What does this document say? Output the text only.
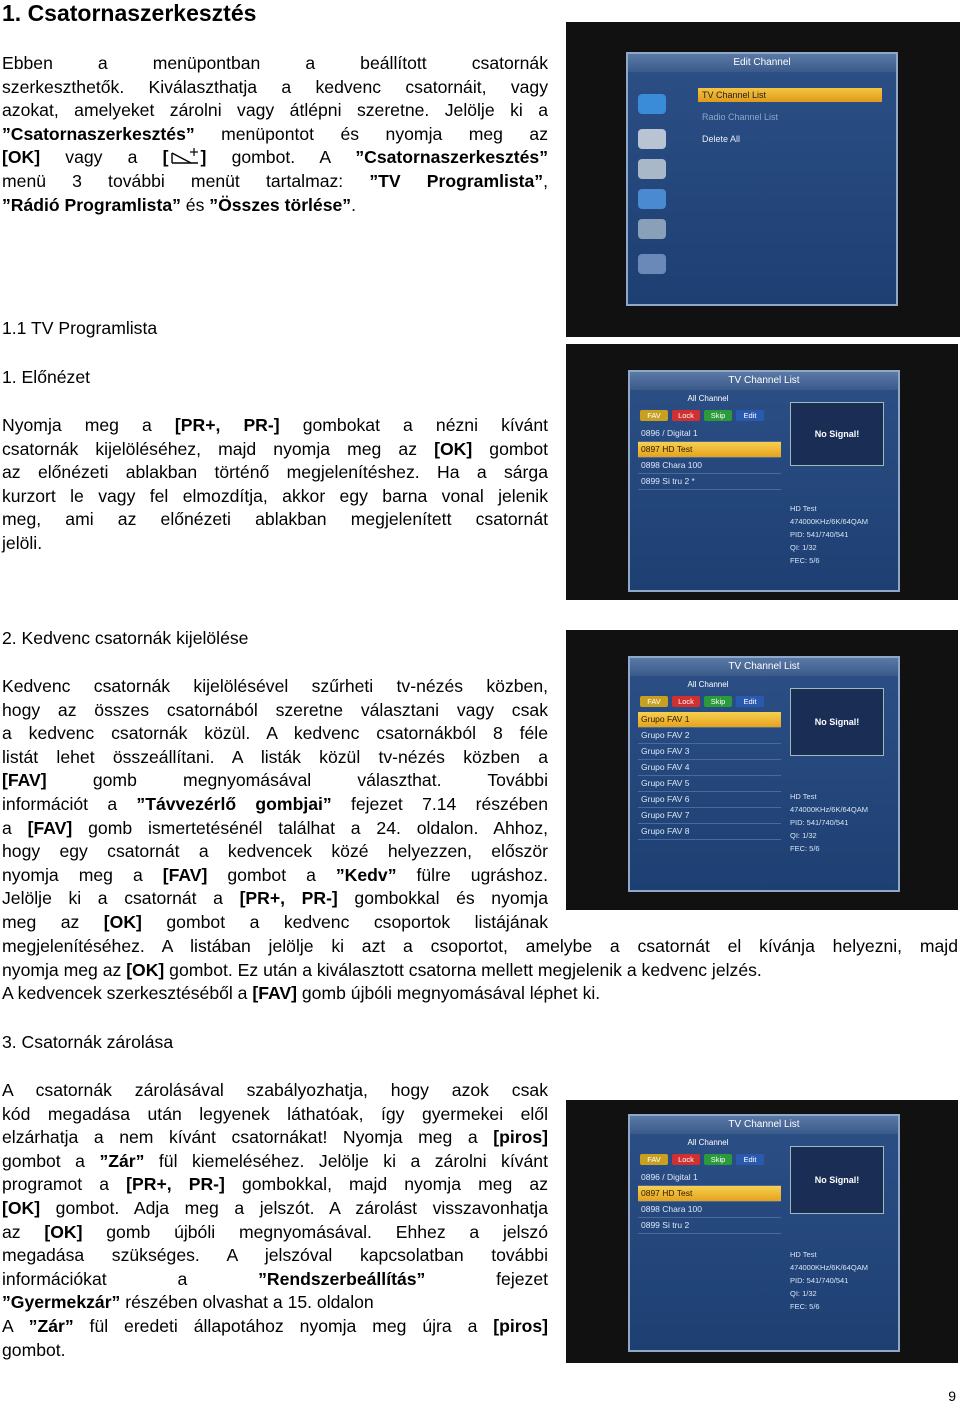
1. Csatornaszerkesztés
Ebben a menüpontban a beállított csatornák
szerkeszthetők. Kiválaszthatja a kedvenc csatornáit, vagy
azokat, amelyeket zárolni vagy átlépni szeretne. Jelölje ki a
”Csatornaszerkesztés” menüpontot és nyomja meg az
[OK] vagy a [ ] gombot. A ”Csatornaszerkesztés”
menü 3 további menüt tartalmaz: ”TV Programlista”,
”Rádió Programlista” és ”Összes törlése”.
Edit Channel
TV Channel List
Radio Channel List
Delete All
1.1 TV Programlista
1. Előnézet
Nyomja meg a [PR+, PR-] gombokat a nézni kívánt
csatornák kijelöléséhez, majd nyomja meg az [OK] gombot
az előnézeti ablakban történő megjelenítéshez. Ha a sárga
kurzort le vagy fel elmozdítja, akkor egy barna vonal jelenik
meg, ami az előnézeti ablakban megjelenített csatornát
jelöli.
TV Channel List
All Channel
FAV	Lock	Skip	Edit
0896 / Digital 1
0897 HD Test
0898 Chara 100
0899 Si tru 2 *
No Signal!
HD Test
474000KHz/6K/64QAM
PID: 541/740/541
QI: 1/32
FEC: 5/6
2. Kedvenc csatornák kijelölése
Kedvenc csatornák kijelölésével szűrheti tv-nézés közben,
hogy az összes csatornából szeretne választani vagy csak
a kedvenc csatornák közül. A kedvenc csatornákból 8 féle
listát lehet összeállítani. A listák közül tv-nézés közben a
[FAV] gomb megnyomásával választhat. További
információt a ”Távvezérlő gombjai” fejezet 7.14 részében
a [FAV] gomb ismertetésénél találhat a 24. oldalon. Ahhoz,
hogy egy csatornát a kedvencek közé helyezzen, először
nyomja meg a [FAV] gombot a ”Kedv” fülre ugráshoz.
Jelölje ki a csatornát a [PR+, PR-] gombokkal és nyomja
meg az [OK] gombot a kedvenc csoportok listájának
megjelenítéséhez. A listában jelölje ki azt a csoportot, amelybe a csatornát el kívánja helyezni, majd
nyomja meg az [OK] gombot. Ez után a kiválasztott csatorna mellett megjelenik a kedvenc jelzés.
A kedvencek szerkesztéséből a [FAV] gomb újbóli megnyomásával léphet ki.
TV Channel List
All Channel
FAV	Lock	Skip	Edit
Grupo FAV 1
Grupo FAV 2
Grupo FAV 3
Grupo FAV 4
Grupo FAV 5
Grupo FAV 6
Grupo FAV 7
Grupo FAV 8
No Signal!
HD Test
474000KHz/6K/64QAM
PID: 541/740/541
QI: 1/32
FEC: 5/6
3. Csatornák zárolása
A csatornák zárolásával szabályozhatja, hogy azok csak
kód megadása után legyenek láthatóak, így gyermekei elől
elzárhatja a nem kívánt csatornákat! Nyomja meg a [piros]
gombot a ”Zár” fül kiemeléséhez. Jelölje ki a zárolni kívánt
programot a [PR+, PR-] gombokkal, majd nyomja meg az
[OK] gombot. Adja meg a jelszót. A zárolást visszavonhatja
az [OK] gomb újbóli megnyomásával. Ehhez a jelszó
megadása szükséges. A jelszóval kapcsolatban további
információkat a ”Rendszerbeállítás” fejezet
”Gyermekzár” részében olvashat a 15. oldalon
A ”Zár” fül eredeti állapotához nyomja meg újra a [piros]
gombot.
TV Channel List
All Channel
FAV	Lock	Skip	Edit
0896 / Digital 1
0897 HD Test
0898 Chara 100
0899 Si tru 2
No Signal!
HD Test
474000KHz/6K/64QAM
PID: 541/740/541
QI: 1/32
FEC: 5/6
9
